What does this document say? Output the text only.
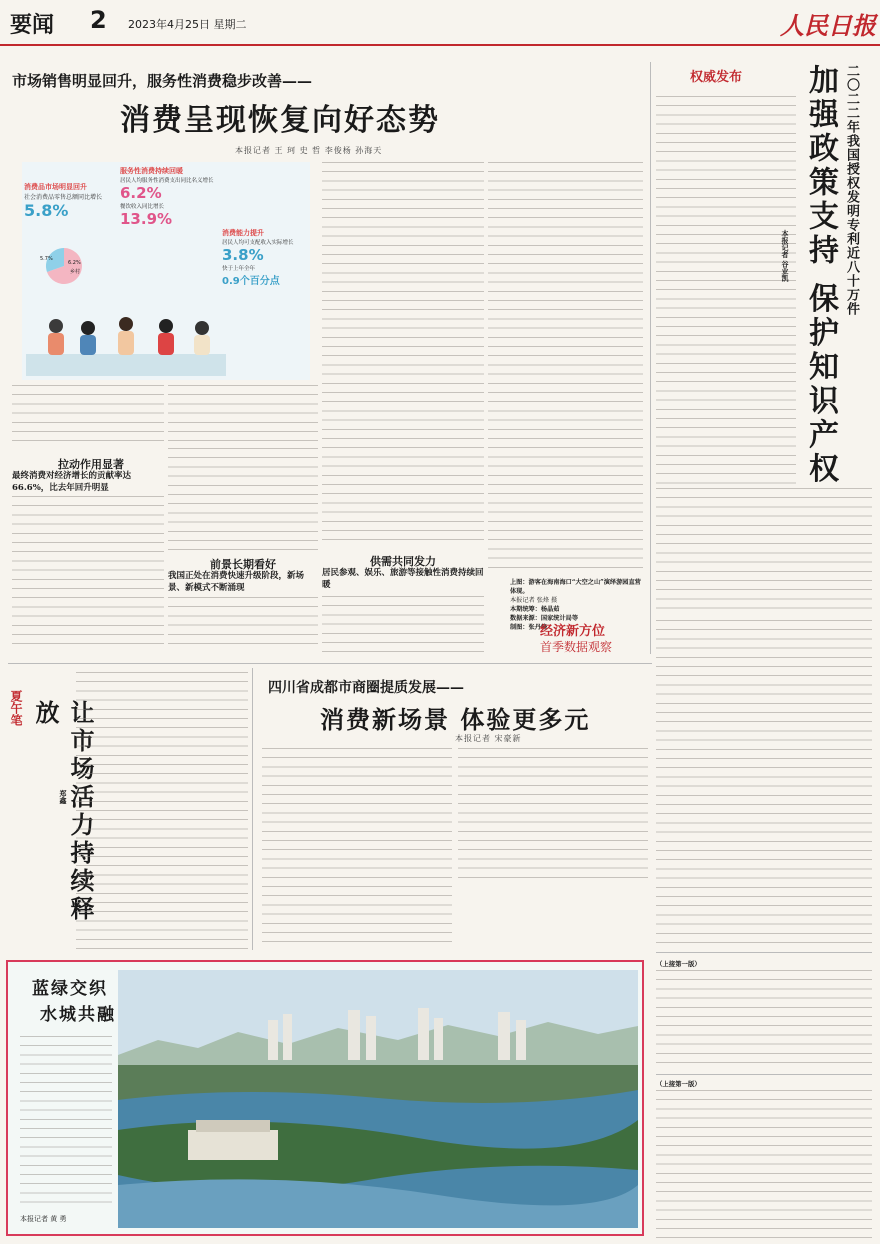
要闻 2 2023年4月25日 星期二	人民日报
市场销售明显回升，服务性消费稳步改善——
消费呈现恢复向好态势
本报记者 王 珂 史 哲 李俊杨 孙海天
消费品市场明显回升
社会消费品零售总额同比增长
5.8%
5.7%
6.2%
乡村
服务性消费持续回暖
居民人均服务性消费支出同比名义增长
6.2%
餐饮收入同比增长
13.9%
消费能力提升
居民人均可支配收入实际增长
3.8%
快于上年全年
0.9个百分点
拉动作用显著
最终消费对经济增长的贡献率达66.6%，比去年回升明显
前景长期看好
我国正处在消费快速升级阶段，新场景、新模式不断涌现
供需共同发力
居民参观、娱乐、旅游等接触性消费持续回暖	上图：游客在海南海口“大空之山”演绎游园直营体现。
本报记者 张烽 摄
本期统筹：杨晶茹
数据来源：国家统计局等
制图：张丹峰
权威发布	二〇二二年我国授权发明专利近八十万件
加强政策支持 保护知识产权
本报记者 谷业凯
经济新方位
首季数据观察
夏午笔	让市场活力持续释放
郑鑫
四川省成都市商圈提质发展——
消费新场景 体验更多元
本报记者 宋豪新
（上接第一版）
（上接第一版）
蓝绿交织
水城共融
本报记者 黄 勇
